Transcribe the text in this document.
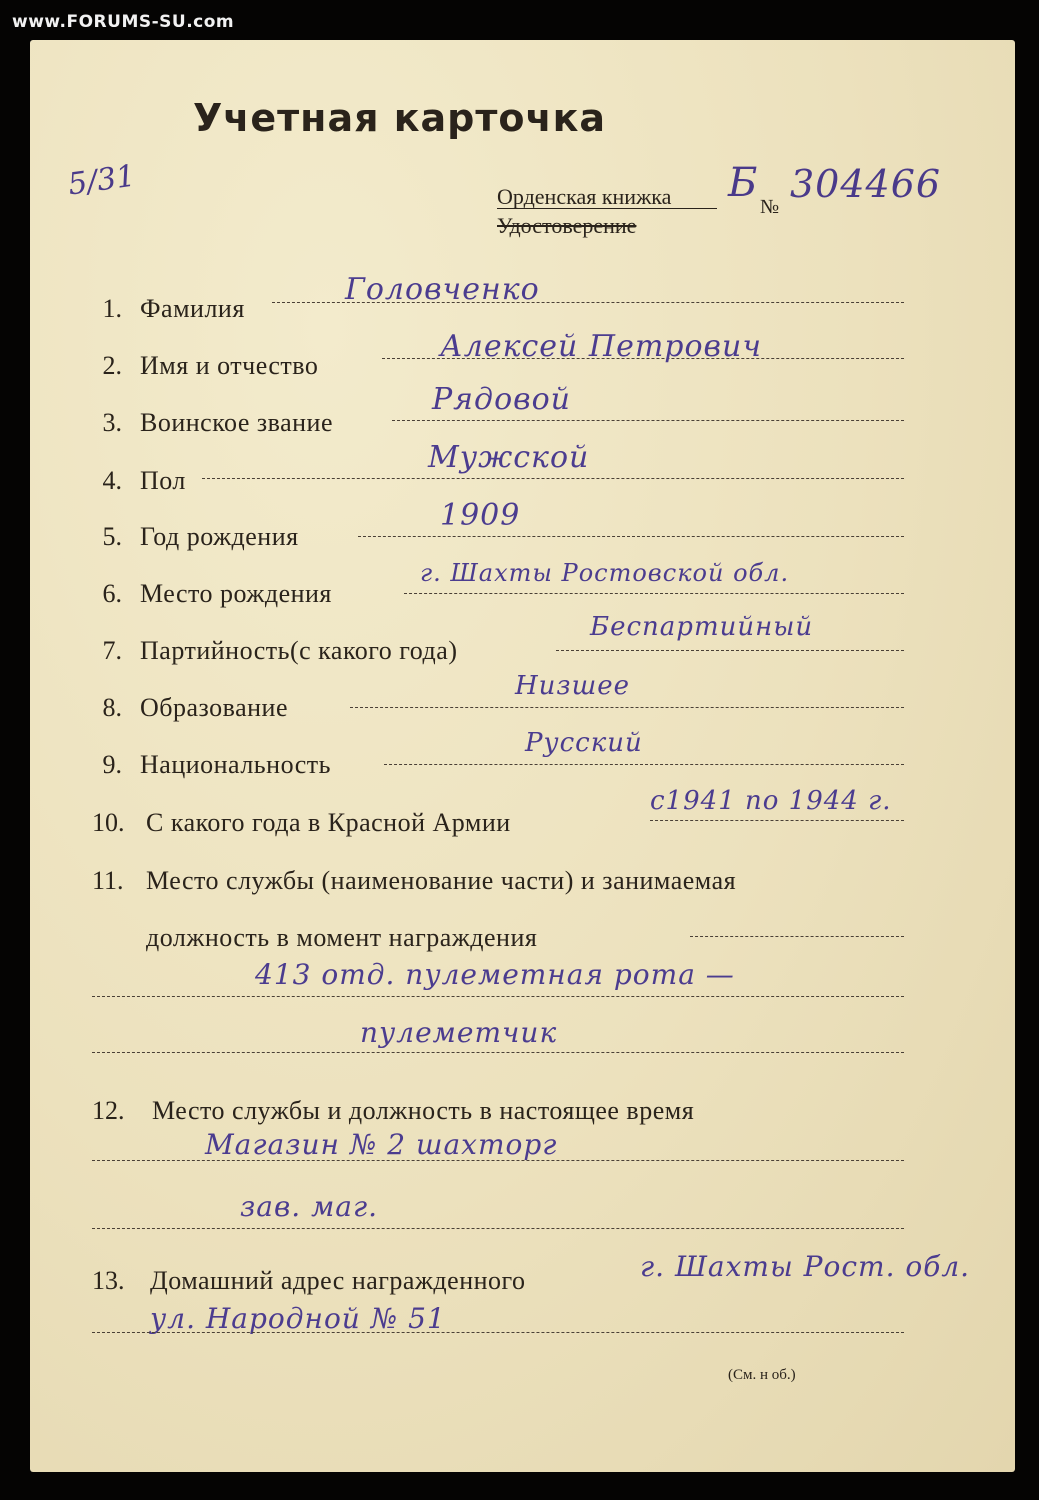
www.FORUMS-SU.com
Учетная карточка
5/31	Орденская книжка
Удостоверение
Б
№
304466
1. Фамилия
Головченко
2. Имя и отчество
Алексей Петрович
3. Воинское звание
Рядовой
4. Пол
Мужской
5. Год рождения
1909
6. Место рождения
г. Шахты Ростовской обл.
7. Партийность(с какого года)
Беспартийный
8. Образование
Низшее
9. Национальность
Русский
10. С какого года в Красной Армии
с1941 по 1944 г.
11. Место службы (наименование части) и занимаемая
должность в момент награждения
413 отд. пулеметная рота —
пулеметчик
12. Место службы и должность в настоящее время
Магазин № 2 шахторг
зав. маг.
13. Домашний адрес награжденного	г. Шахты Рост. обл.
ул. Народной № 51
(См. н об.)
